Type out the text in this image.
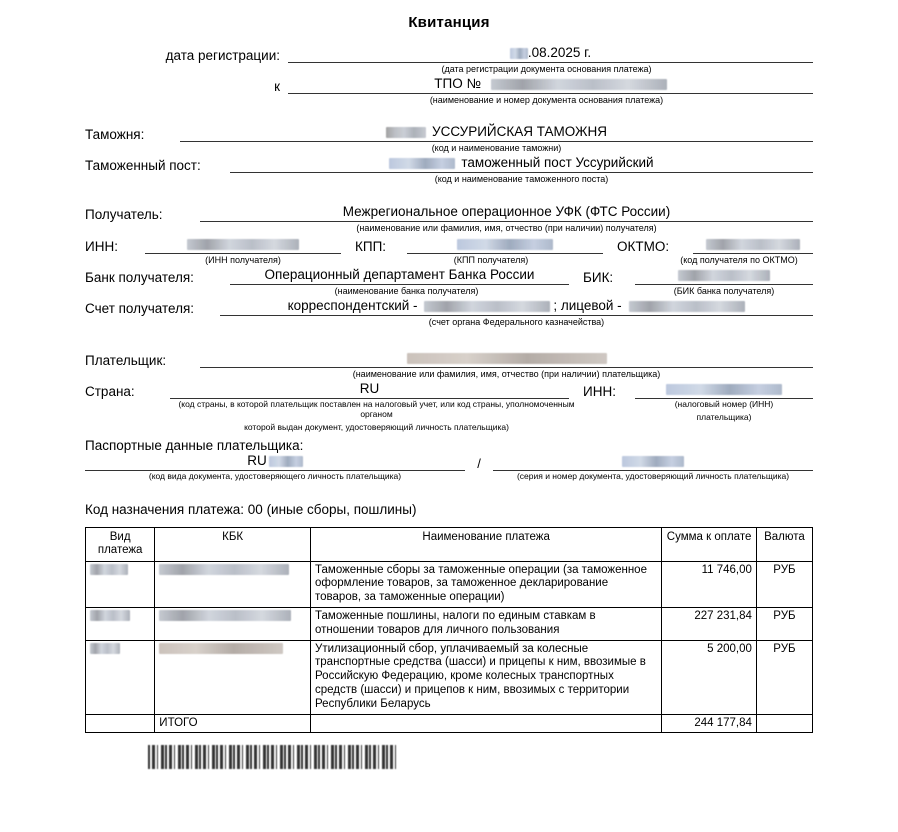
Квитанция
дата регистрации:	.08.2025 г.
(дата регистрации документа основания платежа)
к	ТПО №
(наименование и номер документа основания платежа)
Таможня:	УССУРИЙСКАЯ ТАМОЖНЯ
(код и наименование таможни)
Таможенный пост:	таможенный пост Уссурийский
(код и наименование таможенного поста)
Получатель:	Межрегиональное операционное УФК (ФТС России)
(наименование или фамилия, имя, отчество (при наличии) получателя)
ИНН:	КПП:	ОКТМО:
(ИНН получателя)	(КПП получателя)	(код получателя по ОКТМО)
Банк получателя:	Операционный департамент Банка России	БИК:
(наименование банка получателя)	(БИК банка получателя)
Счет получателя:	корреспондентский -	; лицевой -
(счет органа Федерального казначейства)
Плательщик:
(наименование или фамилия, имя, отчество (при наличии) плательщика)
Страна:	RU	ИНН:
(код страны, в которой плательщик поставлен на налоговый учет, или код страны, уполномоченным органом
которой выдан документ, удостоверяющий личность плательщика)
(налоговый номер (ИНН)
плательщика)
Паспортные данные плательщика:
RU	/
(код вида документа, удостоверяющего личность плательщика)	(серия и номер документа, удостоверяющий личность плательщика)
Код назначения платежа: 00 (иные сборы, пошлины)
Вид платежа	КБК	Наименование платежа	Сумма к оплате	Валюта
		Таможенные сборы за таможенные операции (за таможенное оформление товаров, за таможенное декларирование товаров, за таможенные операции)	11 746,00	РУБ
		Таможенные пошлины, налоги по единым ставкам в отношении товаров для личного пользования	227 231,84	РУБ
		Утилизационный сбор, уплачиваемый за колесные транспортные средства (шасси) и прицепы к ним, ввозимые в Российскую Федерацию, кроме колесных транспортных средств (шасси) и прицепов к ним, ввозимых с территории Республики Беларусь	5 200,00	РУБ
	ИТОГО		244 177,84	
